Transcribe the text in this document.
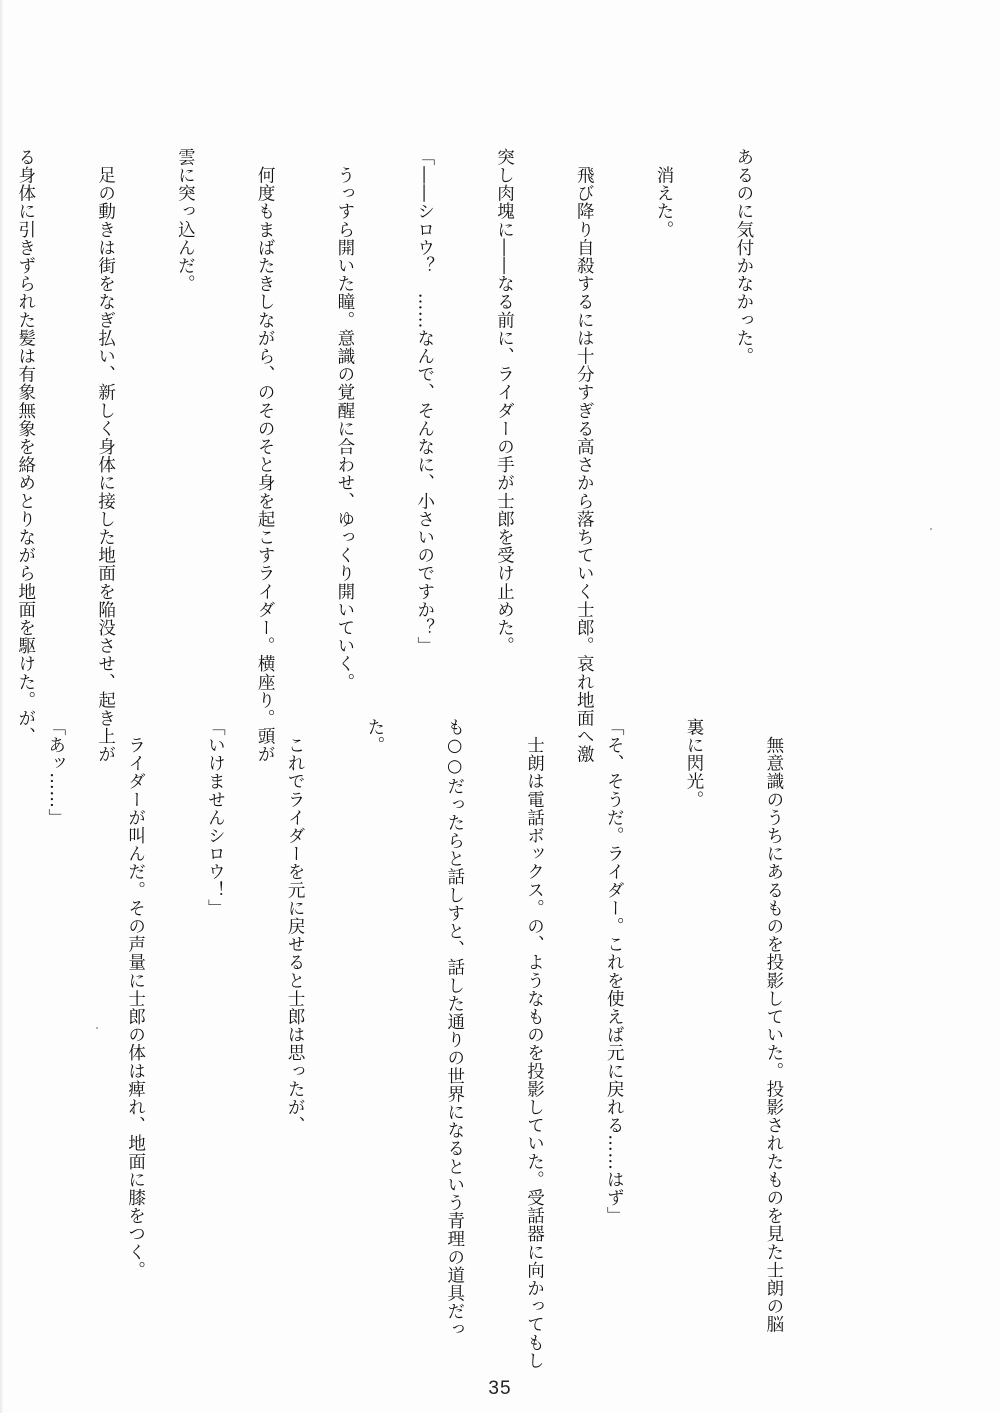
あるのに気付かなかった。

　消えた。

　飛び降り自殺するには十分すぎる高さから落ちていく士郎。哀れ地面へ激

突し肉塊に――なる前に、ライダーの手が士郎を受け止めた。

「――シロウ？　……なんで、そんなに、小さいのですか？」

　うっすら開いた瞳。意識の覚醒に合わせ、ゆっくり開いていく。

　何度もまばたきしながら、のそのそと身を起こすライダー。横座り。頭が

雲に突っ込んだ。

　足の動きは街をなぎ払い、新しく身体に接した地面を陥没させ、起き上が

る身体に引きずられた髪は有象無象を絡めとりながら地面を駆けた。が、

　無意識のうちにあるものを投影していた。投影されたものを見た士朗の脳

裏に閃光。

「そ、そうだ。ライダー。これを使えば元に戻れる……はず」

　士朗は電話ボックス。の、ようなものを投影していた。受話器に向かってもし

も○○だったらと話しすと、話した通りの世界になるという青理の道具だっ

た。

　これでライダーを元に戻せると士郎は思ったが、

「いけませんシロウ！」

　ライダーが叫んだ。その声量に士郎の体は痺れ、地面に膝をつく。

「あッ……」

35
